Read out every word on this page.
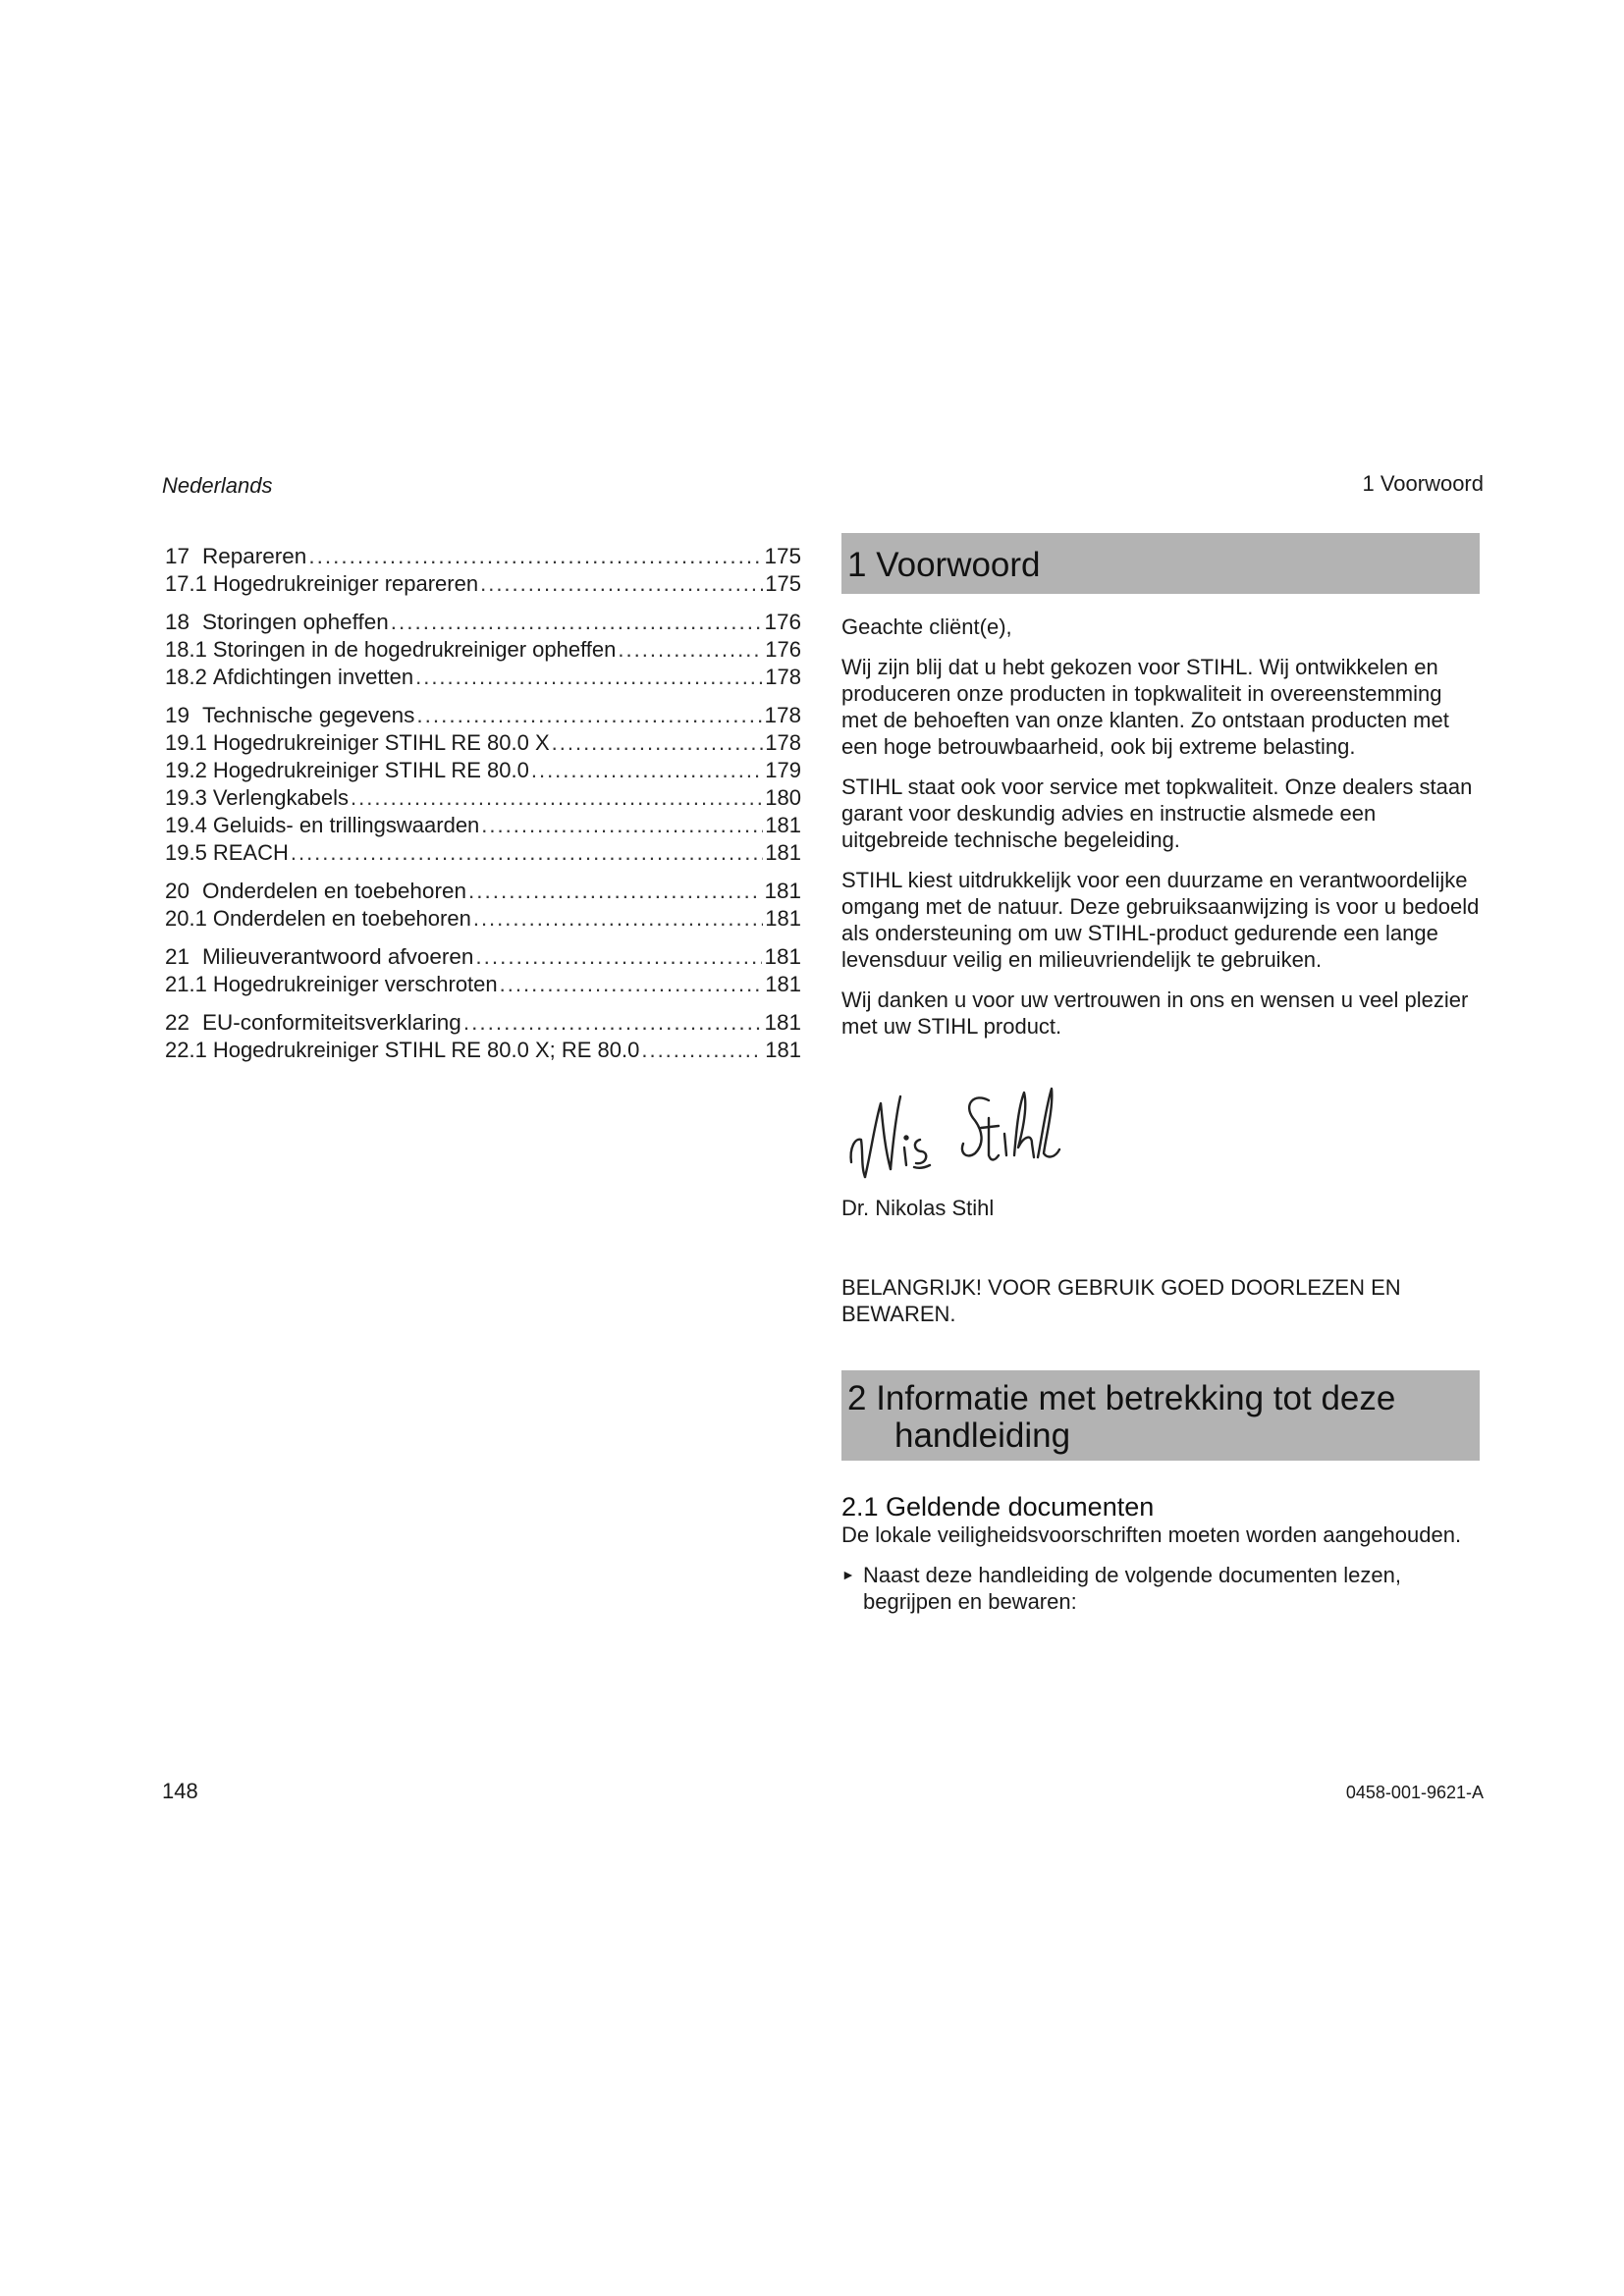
Nederlands	1 Voorwoord
17 Repareren .....	175
17.1 Hogedrukreiniger repareren .....	175
18 Storingen opheffen .....	176
18.1 Storingen in de hogedrukreiniger opheffen .....	176
18.2 Afdichtingen invetten .....	178
19 Technische gegevens .....	178
19.1 Hogedrukreiniger STIHL RE 80.0 X .....	178
19.2 Hogedrukreiniger STIHL RE 80.0 .....	179
19.3 Verlengkabels .....	180
19.4 Geluids- en trillingswaarden .....	181
19.5 REACH .....	181
20 Onderdelen en toebehoren .....	181
20.1 Onderdelen en toebehoren .....	181
21 Milieuverantwoord afvoeren .....	181
21.1 Hogedrukreiniger verschroten .....	181
22 EU-conformiteitsverklaring .....	181
22.1 Hogedrukreiniger STIHL RE 80.0 X; RE 80.0 .....	181
1 Voorwoord

Geachte cliënt(e),

Wij zijn blij dat u hebt gekozen voor STIHL. Wij ontwikkelen en produceren onze producten in topkwaliteit in overeenstemming met de behoeften van onze klanten. Zo ontstaan producten met een hoge betrouwbaarheid, ook bij extreme belasting.

STIHL staat ook voor service met topkwaliteit. Onze dealers staan garant voor deskundig advies en instructie alsmede een uitgebreide technische begeleiding.

STIHL kiest uitdrukkelijk voor een duurzame en verantwoordelijke omgang met de natuur. Deze gebruiksaanwijzing is voor u bedoeld als ondersteuning om uw STIHL-product gedurende een lange levensduur veilig en milieuvriendelijk te gebruiken.

Wij danken u voor uw vertrouwen in ons en wensen u veel plezier met uw STIHL product.

Dr. Nikolas Stihl

BELANGRIJK! VOOR GEBRUIK GOED DOORLEZEN EN BEWAREN.

2 Informatie met betrekking tot deze
handleiding
2.1 Geldende documenten

De lokale veiligheidsvoorschriften moeten worden aangehouden.

► Naast deze handleiding de volgende documenten lezen, begrijpen en bewaren:
148	0458-001-9621-A
